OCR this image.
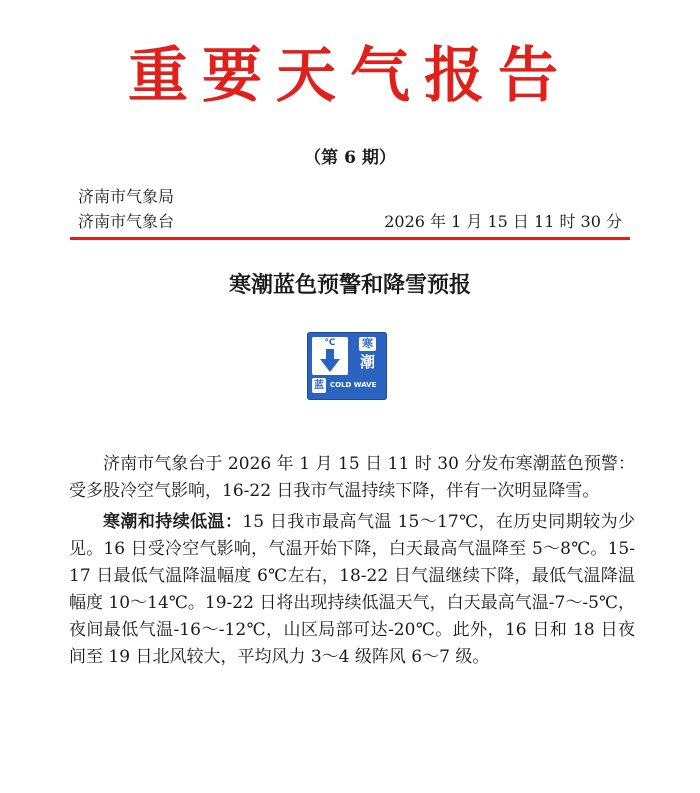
重要天气报告
（第 6 期）
济南市气象局
济南市气象台	2026 年 1 月 15 日 11 时 30 分
寒潮蓝色预警和降雪预报
℃	寒
潮
蓝 COLD WAVE

济南市气象台于 2026 年 1 月 15 日 11 时 30 分发布寒潮蓝色预警：受多股冷空气影响，16-22 日我市气温持续下降，伴有一次明显降雪。

寒潮和持续低温：15 日我市最高气温 15～17℃，在历史同期较为少见。16 日受冷空气影响，气温开始下降，白天最高气温降至 5～8℃。15-17 日最低气温降温幅度 6℃左右，18-22 日气温继续下降，最低气温降温幅度 10～14℃。19-22 日将出现持续低温天气，白天最高气温-7～-5℃，夜间最低气温-16～-12℃，山区局部可达-20℃。此外，16 日和 18 日夜间至 19 日北风较大，平均风力 3～4 级阵风 6～7 级。
